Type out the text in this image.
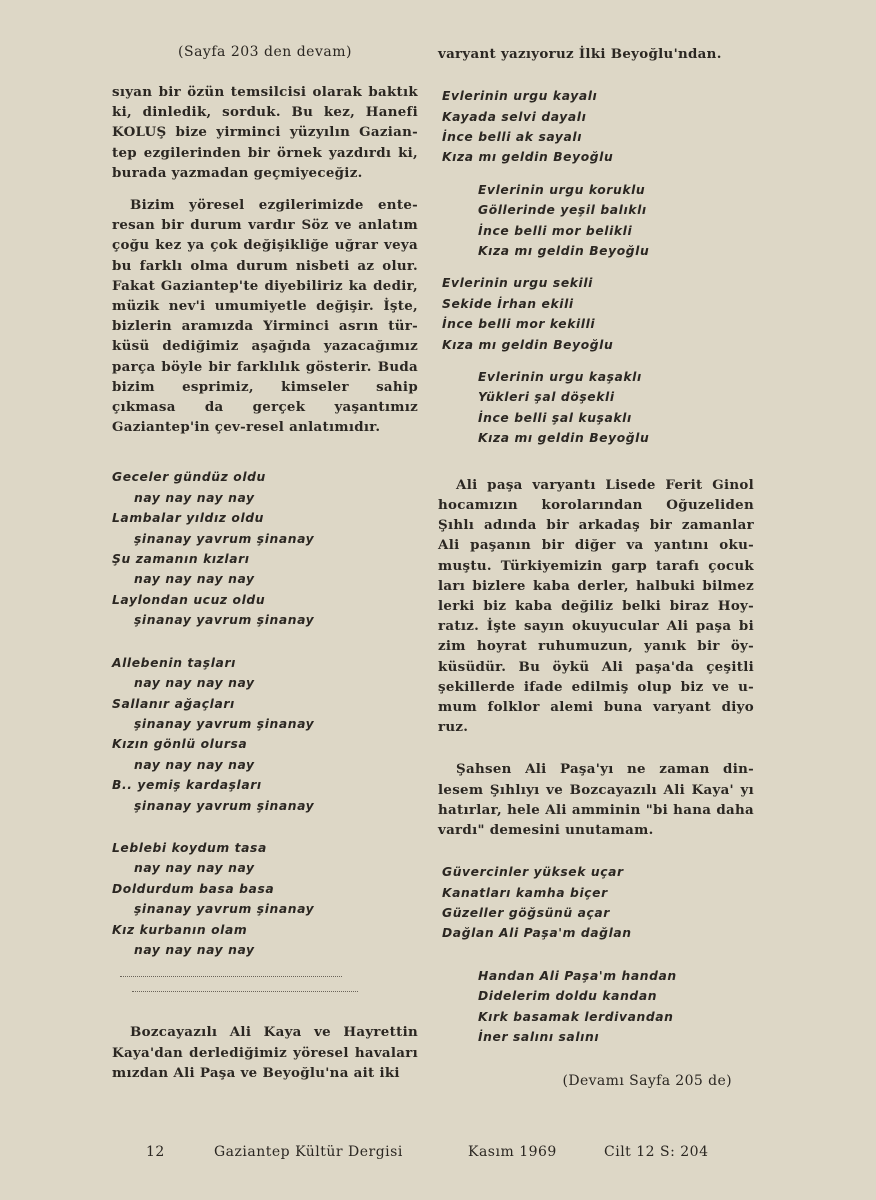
(Sayfa 203 den devam)

sıyan bir özün temsilcisi olarak baktık ki, dinledik, sorduk. Bu kez, Hanefi KOLUŞ bize yirminci yüzyılın Gazian-tep ezgilerinden bir örnek yazdırdı ki, burada yazmadan geçmiyeceğiz.

Bizim yöresel ezgilerimizde ente-resan bir durum vardır Söz ve anlatım çoğu kez ya çok değişikliğe uğrar veya bu farklı olma durum nisbeti az olur. Fakat Gaziantep'te diyebiliriz ka dedir, müzik nev'i umumiyetle değişir. İşte, bizlerin aramızda Yirminci asrın tür-küsü dediğimiz aşağıda yazacağımız parça böyle bir farklılık gösterir. Buda bizim esprimiz, kimseler sahip çıkmasa da gerçek yaşantımız Gaziantep'in çev-resel anlatımıdır.

Geceler gündüz oldu
nay nay nay nay
Lambalar yıldız oldu
şinanay yavrum şinanay
Şu zamanın kızları
nay nay nay nay
Laylondan ucuz oldu
şinanay yavrum şinanay
Allebenin taşları
nay nay nay nay
Sallanır ağaçları
şinanay yavrum şinanay
Kızın gönlü olursa
nay nay nay nay
B.. yemiş kardaşları
şinanay yavrum şinanay
Leblebi koydum tasa
nay nay nay nay
Doldurdum basa basa
şinanay yavrum şinanay
Kız kurbanın olam
nay nay nay nay

Bozcayazılı Ali Kaya ve Hayrettin Kaya'dan derlediğimiz yöresel havaları mızdan Ali Paşa ve Beyoğlu'na ait iki

varyant yazıyoruz İlki Beyoğlu'ndan.

Evlerinin urgu kayalı
Kayada selvi dayalı
İnce belli ak sayalı
Kıza mı geldin Beyoğlu
Evlerinin urgu koruklu
Göllerinde yeşil balıklı
İnce belli mor belikli
Kıza mı geldin Beyoğlu
Evlerinin urgu sekili
Sekide İrhan ekili
İnce belli mor kekilli
Kıza mı geldin Beyoğlu
Evlerinin urgu kaşaklı
Yükleri şal döşekli
İnce belli şal kuşaklı
Kıza mı geldin Beyoğlu

Ali paşa varyantı Lisede Ferit Ginol hocamızın korolarından Oğuzeliden Şıhlı adında bir arkadaş bir zamanlar Ali paşanın bir diğer va yantını oku-muştu. Türkiyemizin garp tarafı çocuk ları bizlere kaba derler, halbuki bilmez lerki biz kaba değiliz belki biraz Hoy-ratız. İşte sayın okuyucular Ali paşa bi zim hoyrat ruhumuzun, yanık bir öy-küsüdür. Bu öykü Ali paşa'da çeşitli şekillerde ifade edilmiş olup biz ve u-mum folklor alemi buna varyant diyo ruz.

Şahsen Ali Paşa'yı ne zaman din-lesem Şıhlıyı ve Bozcayazılı Ali Kaya' yı hatırlar, hele Ali amminin "bi hana daha vardı" demesini unutamam.

Güvercinler yüksek uçar
Kanatları kamha biçer
Güzeller göğsünü açar
Dağlan Ali Paşa'm dağlan
Handan Ali Paşa'm handan
Didelerim doldu kandan
Kırk basamak lerdivandan
İner salını salını
(Devamı Sayfa 205 de)
12	Gaziantep Kültür Dergisi	Kasım 1969	Cilt 12 S: 204
